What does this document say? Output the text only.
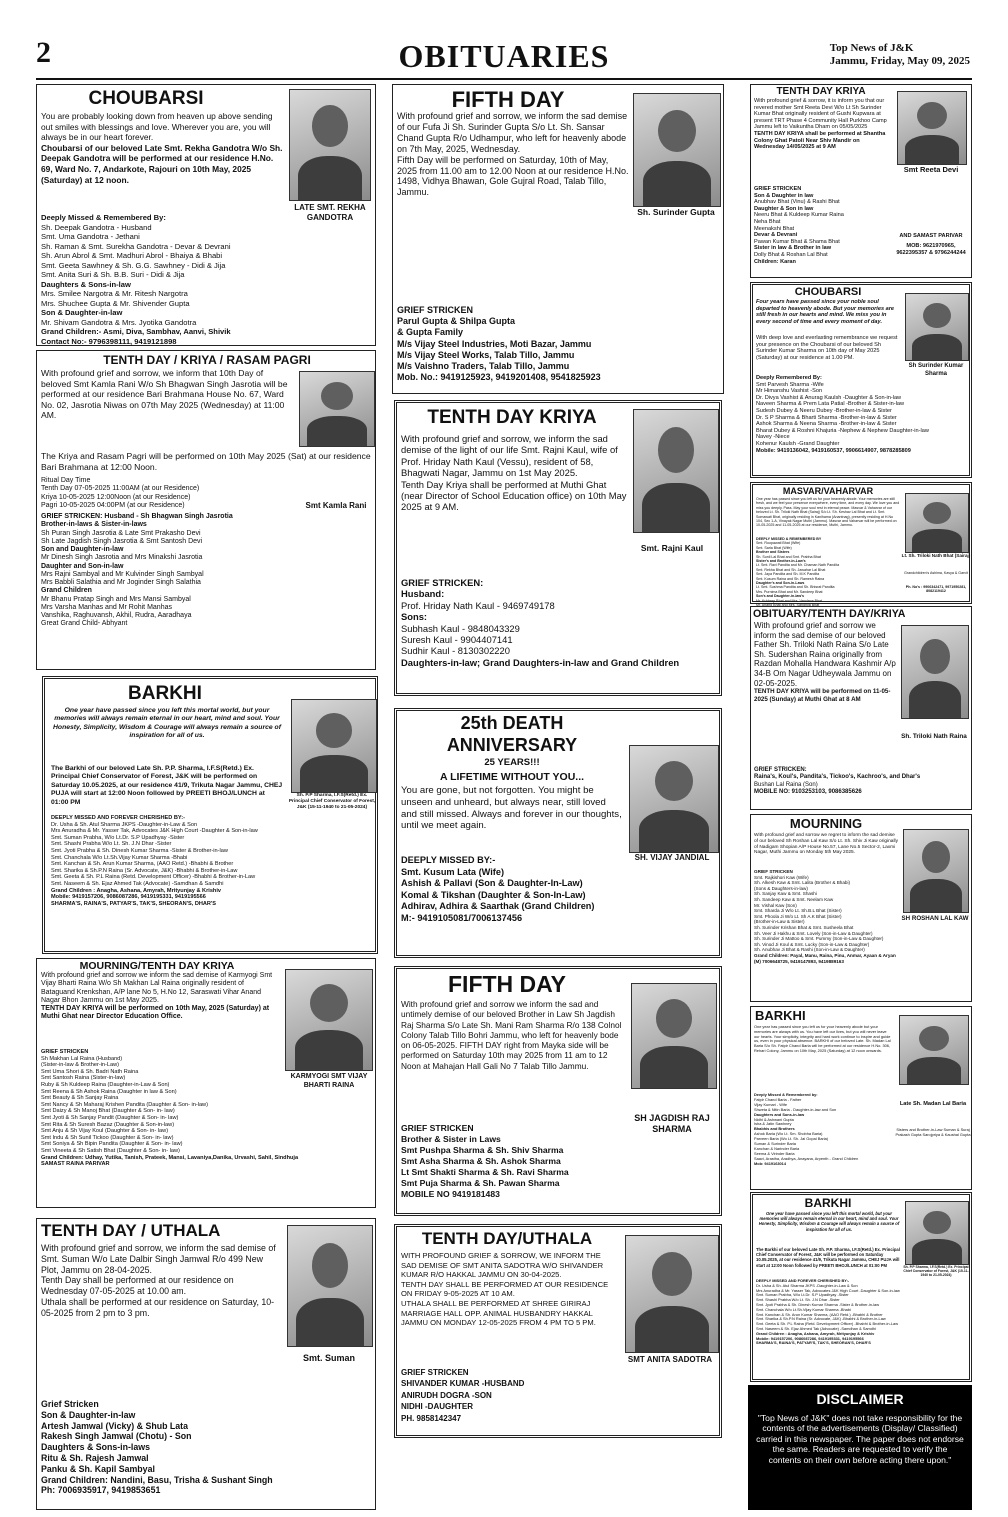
2	OBITUARIES	Top News of J&K
Jammu, Friday, May 09, 2025
CHOUBARSI

You are probably looking down from heaven up above sending out smiles with blessings and love. Wherever you are, you will always be in our heart forever.

Choubarsi of our beloved Late Smt. Rekha Gandotra W/o Sh. Deepak Gandotra will be performed at our residence H.No. 69, Ward No. 7, Andarkote, Rajouri on 10th May, 2025 (Saturday) at 12 noon.

Deeply Missed & Remembered By:
Sh. Deepak Gandotra - Husband
Smt. Uma Gandotra - Jethani
Sh. Raman & Smt. Surekha Gandotra - Devar & Devrani
Sh. Arun Abrol & Smt. Madhuri Abrol - Bhaiya & Bhabi
Smt. Geeta Sawhney & Sh. G.G. Sawhney - Didi & Jija
Smt. Anita Suri & Sh. B.B. Suri - Didi & Jija
Daughters & Sons-in-law
Mrs. Smilee Nargotra & Mr. Ritesh Nargotra
Mrs. Shuchee Gupta & Mr. Shivender Gupta
Son & Daughter-in-law
Mr. Shivam Gandotra & Mrs. Jyotika Gandotra
Grand Children:- Asmi, Diva, Sambhav, Aanvi, Shivik
Contact No:- 9796398111, 9419121898
LATE SMT. REKHA GANDOTRA
TENTH DAY / KRIYA / RASAM PAGRI

With profound grief and sorrow, we inform that 10th Day of beloved Smt Kamla Rani W/o Sh Bhagwan Singh Jasrotia will be performed at our residence Bari Brahmana House No. 67, Ward No. 02, Jasrotia Niwas on 07th May 2025 (Wednesday) at 11:00 AM.

The Kriya and Rasam Pagri will be performed on 10th May 2025 (Sat) at our residence Bari Brahmana at 12:00 Noon.

Ritual Day Time
Tenth Day 07-05-2025 11:00AM (at our Residence)
Kriya 10-05-2025 12:00Noon (at our Residence)
Pagri 10-05-2025 04:00PM (at our Residence)
GRIEF STRICKEN: Husband - Sh Bhagwan Singh Jasrotia
Brother-in-laws & Sister-in-laws
Sh Puran Singh Jasrotia & Late Smt Prakasho Devi
Sh Late Jagdish Singh Jasrotia & Smt Santosh Devi
Son and Daughter-in-law
Mr Dinesh Singh Jasrotia and Mrs Minakshi Jasrotia
Daughter and Son-in-law
Mrs Rajni Sambyal and Mr Kulvinder Singh Sambyal
Mrs Babbli Salathia and Mr Joginder Singh Salathia
Grand Children
Mr Bhanu Pratap Singh and Mrs Mansi Sambyal
Mrs Varsha Manhas and Mr Rohit Manhas
Vanshika, Raghuvansh, Akhil, Rudra, Aaradhaya
Great Grand Child- Abhyant
Smt Kamla Rani
BARKHI
One year have passed since you left this mortal world, but your memories will always remain eternal in our heart, mind and soul. Your Honesty, Simplicity, Wisdom & Courage will always remain a source of inspiration for all of us.
The Barkhi of our beloved Late Sh. P.P. Sharma, I.F.S(Retd.) Ex. Principal Chief Conservator of Forest, J&K will be performed on Saturday 10.05.2025, at our residence 41/9, Trikuta Nagar Jammu, CHEJ PUJA will start at 12:00 Noon followed by PREETI BHOJ/LUNCH at 01:00 PM
DEEPLY MISSED AND FOREVER CHERISHED BY:-
Dr. Usha & Sh. Atul Sharma JKPS -Daughter-in-Law & Son
Mrs Anuradha & Mr. Yasser Tak, Advocates J&K High Court -Daughter & Son-in-law
Smt. Suman Prabha, W/o Lt.Dr. S.P Upadhyay -Sister
Smt. Shashi Prabha W/o Lt. Sh. J.N Dhar -Sister
Smt. Jyoti Prabha & Sh. Dinesh Kumar Sharma -Sister & Brother-in-law
Smt. Chanchala W/o Lt.Sh.Vijay Kumar Sharma -Bhabi
Smt. Kanchan & Sh. Arun Kumar Sharma, (AAO Retd.) -Bhabhi & Brother
Smt. Sharika & Sh.P.N Raina (Sr. Advocate, J&K) -Bhabhi & Brother-in-Law
Smt. Geeta & Sh. P.L Raina (Retd. Development Officer) -Bhabhi & Brother-in-Law
Smt. Naseem & Sh. Ejaz Ahmed Tak (Advocate) -Samdhan & Samdhi
Grand Children : Anagha, Ashana, Amyrah, Mrityunjay & Krishiv
Mobile: 9419157206, 9086087286, 9419195331, 9419195566
SHARMA'S, RAINA'S, PATYAR'S, TAK'S, SHEORAN'S, DHAR'S
Sh. P.P Sharma, I.F.S(Retd.) Ex. Principal Chief Conservator of Forest, J&K (15-11-1940 to 21-05-2024)
MOURNING/TENTH DAY KRIYA

With profound grief and sorrow we inform the sad demise of Karmyogi Smt Vijay Bharti Raina W/o Sh Makhan Lal Raina originally resident of Bataguand Krenkshan, A/P lane No 5, H.No 12, Saraswati Vihar Anand Nagar Bhon Jammu on 1st May 2025.

TENTH DAY KRIYA will be performed on 10th May, 2025 (Saturday) at Muthi Ghat near Director Education Office.

GRIEF STRICKEN
Sh Makhan Lal Raina (Husband)
(Sister-in-law & Brother-in-Law)
Smt Uma Shori & Sh. Badri Nath Raina
Smt Santosh Raina (Sister-in-law)
Ruby & Sh Kuldeep Raina (Daughter-in-Law & Son)
Smt Reena & Sh Ashok Raina (Daughter in law & Son)
Smt Beauty & Sh Sanjay Raina
Smt Nancy & Sh Maharaj Krishen Pandita (Daughter & Son- in-law)
Smt Daizy & Sh Manoj Bhat (Daughter & Son- in- law)
Smt Jyoti & Sh Sanjay Pandit (Daughter & Son- in- law)
Smt Rita & Sh Suresh Bazaz (Daughter & Son-in-law)
Smt Anju & Sh Vijay Koul (Daughter & Son- in- law)
Smt Indu & Sh Sunil Tickoo (Daughter & Son- in- law)
Smt Soniya & Sh Bipin Pandita (Daughter & Son- in- law)
Smt Vineeta & Sh Satish Bhat (Daughter & Son- in- law)
Grand Children: Udhay, Yutika, Tanish, Prateek, Mansi, Lavaniya,Danika, Urvashi, Sahil, Sindhuja
SAMAST RAINA PARIVAR
KARMYOGI SMT VIJAY BHARTI RAINA
TENTH DAY / UTHALA

With profound grief and sorrow, we inform the sad demise of Smt. Suman W/o Late Dalbir Singh Jamwal R/o 499 New Plot, Jammu on 28-04-2025.

Tenth Day shall be performed at our residence on Wednesday 07-05-2025 at 10.00 am.

Uthala shall be performed at our residence on Saturday, 10-05-2025 from 2 pm to 3 pm.

Grief Stricken
Son & Daughter-in-law
Artesh Jamwal (Vicky) & Shub Lata
Rakesh Singh Jamwal (Chotu) - Son
Daughters & Sons-in-laws
Ritu & Sh. Rajesh Jamwal
Panku & Sh. Kapil Sambyal
Grand Children: Nandini, Basu, Trisha & Sushant Singh
Ph: 7006935917, 9419853651
Smt. Suman
FIFTH DAY

With profound grief and sorrow, we inform the sad demise of our Fufa Ji Sh. Surinder Gupta S/o Lt. Sh. Sansar Chand Gupta R/o Udhampur, who left for heavenly abode on 7th May, 2025, Wednesday.

Fifth Day will be performed on Saturday, 10th of May, 2025 from 11.00 am to 12.00 Noon at our residence H.No. 1498, Vidhya Bhawan, Gole Gujral Road, Talab Tillo, Jammu.

GRIEF STRICKEN
Parul Gupta & Shilpa Gupta
& Gupta Family
M/s Vijay Steel Industries, Moti Bazar, Jammu
M/s Vijay Steel Works, Talab Tillo, Jammu
M/s Vaishno Traders, Talab Tillo, Jammu
Mob. No.: 9419125923, 9419201408, 9541825923
Sh. Surinder Gupta
TENTH DAY KRIYA

With profound grief and sorrow, we inform the sad demise of the light of our life Smt. Rajni Kaul, wife of Prof. Hriday Nath Kaul (Vessu), resident of 58, Bhagwati Nagar, Jammu on 1st May 2025.

Tenth Day Kriya shall be performed at Muthi Ghat (near Director of School Education office) on 10th May 2025 at 9 AM.

GRIEF STRICKEN:
Husband:
Prof. Hriday Nath Kaul - 9469749178
Sons:
Subhash Kaul - 9848043329
Suresh Kaul - 9904407141
Sudhir Kaul - 8130302220
Daughters-in-law; Grand Daughters-in-law and Grand Children
Smt. Rajni Kaul
25th DEATH
ANNIVERSARY
25 YEARS!!!
A LIFETIME WITHOUT YOU...
You are gone, but not forgotten. You might be unseen and unheard, but always near, still loved and still missed. Always and forever in our thoughts, until we meet again.
DEEPLY MISSED BY:-
Smt. Kusum Lata (Wife)
Ashish & Pallavi (Son & Daughter-In-Law)
Komal & Tikshan (Daughter & Son-In-Law)
Adhirav, Adhira & Saarthak (Grand Children)
M:- 9419105081/7006137456
SH. VIJAY JANDIAL
FIFTH DAY
With profound grief and sorrow we inform the sad and untimely demise of our beloved Brother in Law Sh Jagdish Raj Sharma S/o Late Sh. Mani Ram Sharma R/o 138 Colnol Colony Talab Tillo Bohri Jammu, who left for heavenly bode on 06-05-2025. FIFTH DAY right from Mayka side will be performed on Saturday 10th may 2025 from 11 am to 12 Noon at Mahajan Hall Gali No 7 Talab Tillo Jammu.
GRIEF STRICKEN
Brother & Sister in Laws
Smt Pushpa Sharma & Sh. Shiv Sharma
Smt Asha Sharma & Sh. Ashok Sharma
Lt Smt Shakti Sharma & Sh. Ravi Sharma
Smt Puja Sharma & Sh. Pawan Sharma
MOBILE NO 9419181483
SH JAGDISH RAJ SHARMA
TENTH DAY/UTHALA

WITH PROFOUND GRIEF & SORROW, WE INFORM THE SAD DEMISE OF SMT ANITA SADOTRA W/O SHIVANDER KUMAR R/O HAKKAL JAMMU ON 30-04-2025.

TENTH DAY SHALL BE PERFORMED AT OUR RESIDENCE ON FRIDAY 9-05-2025 AT 10 AM.

UTHALA SHALL BE PERFORMED AT SHREE GIRIRAJ MARRIAGE HALL OPP. ANIMAL HUSBANDRY HAKKAL JAMMU ON MONDAY 12-05-2025 FROM 4 PM TO 5 PM.

GRIEF STRICKEN
SHIVANDER KUMAR -HUSBAND
ANIRUDH DOGRA -SON
NIDHI -DAUGHTER
PH. 9858142347
SMT ANITA SADOTRA
TENTH DAY KRIYA

With profound grief & sorrow, it is inform you that our revered mother Smt Reeta Devi W/o Lt Sh Surinder Kumar Bhat originally resident of Gushi Kupwara at present TRT Phase 4 Community Hall Purkhoo Camp Jammu left to Vaikuntha Dham on 05/05/2025

TENTH DAY KRIYA shall be performed at Shantha Colony Ghat Patoli Near Shiv Mandir on Wednesday 14/05/2025 at 9 AM

GRIEF STRICKEN
Son & Daughter in law
Anubhav Bhat (Vinu) & Rashi Bhat
Daughter & Son in law
Neeru Bhat & Kuldeep Kumar Raina
Neha Bhat
Meenakshi Bhat
Devar & Devrani
Pawan Kumar Bhat & Shama Bhat
Sister in law & Brother in law
Dolly Bhat & Roshan Lal Bhat
Children: Karan
Smt Reeta Devi
AND SAMAST PARIVAR
MOB: 9621970965, 9622395357 & 9796244244
CHOUBARSI
Four years have passed since your noble soul departed to heavenly abode. But your memories are still fresh in our hearts and mind. We miss you in every second of time and every moment of day.
With deep love and everlasting remembrance we request your presence on the Choubarsi of our beloved Sh Surinder Kumar Sharma on 10th day of May 2025 (Saturday) at our residence at 1.00 PM.
Deeply Remembered By:
Smt Parvesh Sharma -Wife
Mr Himanshu Vashist -Son
Dr. Divya Vashist & Anurag Kaulsh -Daughter & Son-in-law
Naveen Sharma & Prem Lata Patial -Brother & Sister-in-law
Sudesh Dubey & Neeru Dubey -Brother-in-law & Sister
Dr. S P Sharma & Bharti Sharma -Brother-in-law & Sister
Ashok Sharma & Neena Sharma -Brother-in-law & Sister
Bharat Dubey & Roshni Khajuria -Nephew & Nephew Daughter-in-law
Navey -Niece
Kohenur Kaulsh -Grand Daughter
Mobile: 9419136042, 9419160537, 9906614907, 9878285809
Sh Surinder Kumar Sharma
MASVAR/VAHARVAR
One year has passed since you left us for your heavenly abode. Your memories are still fresh, and we feel your presence everywhere, every time, and every day. We love you and miss you deeply. Pass. May your soul rest in eternal peace. Masvar & Vaharvar of our beloved Lt. Sh. Triloki Nath Bhat (Sairaj) S/o Lt. Sh. Keshav Lal Bhat and Lt. Smt. Somawati Bhat, originally residing in Kanihama (Anantnag), presently residing at H.No 104, Sec 1-A, Vinayak Nagar Muthi (Jammu). Masvar and Vaharvar will be performed on 10-05-2025 and 11-05-2025 at our residence, Muthi, Jammu.
DEEPLY MISSED & REMEMBERED BY
Smt. Roopawati Bhat (Wife)
Smt. Sarla Bhat (Wife)
Brother and Sisters
Sh. Sunil Lal Bhat and Smt. Prabha Bhat
Sister's and Brother-in-Law's
Lt. Smt. Ravi Pandita and Mr. Chaman Nath Pandita
Smt. Rekha Bhat and Sh. Jawahar Lal Bhat
Smt. Jaya Pandita and Sh. M.K Pandita
Smt. Kusum Raina and Sh. Ramesh Raina
Daughter's and Son-in-Laws
Lt. Smt. Sushma Pandita and Sh. Bhisrat Pandita
Mrs. Purnima Bhat and Mr. Sandeep Bhat
Son's and Daughter-in-law's
Mr. Kuldeep Bhat and Mrs. Vandana Bhat
Lt. Sh. Triloki Nath Bhat (Sairaj)
Grandchildren's Ashima, Kavya & Garvit
Ph. No's : 9906342471, 9971950281, 8082119412
OBITUARY/TENTH DAY/KRIYA

With profound grief and sorrow we inform the sad demise of our beloved Father Sh. Triloki Nath Raina S/o Late Sh. Sudershan Raina originally from Razdan Mohalla Handwara Kashmir A/p 34-B Om Nagar Udheywala Jammu on 02-05-2025.

TENTH DAY KRIYA will be performed on 11-05-2025 (Sunday) at Muthi Ghat at 8 AM

GRIEF STRICKEN:
Raina's, Koul's, Pandita's, Tickoo's, Kachroo's, and Dhar's
Bushan Lal Raina (Son)
MOBILE NO: 9103253103, 9086385626
Sh. Triloki Nath Raina
MOURNING
With profound grief and sorrow we regret to inform the sad demise of our beloved Sh Roshan Lal Kaw S/o Lt. Sh. Shiv Ji Kaw originally of Nadigam Shopian A/P House No.57, Lane No.5 Sector-2, Laxmi Nagar, Muthi Jammu on Monday 5th May 2025.
GRIEF STRICKEN
Smt. Rajkishori Kaw (Wife)
Sh. Alkesh Kaw & Smt. Lalita (Brother & Bhabi)
(Sons & Daughters-in-law)
Sh. Sanjay Kaw & Smt. Shashi
Sh. Sandeep Kaw & Smt. Neelam Kaw
Mr. Vishal Kaw (Son)
Smt. Sharda Ji W/o Lt. Sh.B.L Bhat (Sister)
Smt. Phoola Ji W/o Lt. Sh A.K Bhat (Sister)
(Brother-in-Law & Sister)
Sh. Surinder Krishan Bhat & Smt. Susheela Bhat
Sh. Veer Ji Hakhu & Smt. Lovely (Son-in-Law & Daughter)
Sh. Surinder Ji Mattoo & Smt. Pummy (Son-in-Law & Daughter)
Sh. Vinod Ji Koul & Smt. Lucky (Son-in-Law & Daughter)
Sh. Anubhav Ji Bhat & Rashi (Son-in-Law & Daughter)
Grand Children: Payal, Manu, Raina, Pinu, Anmar, Ayaan & Aryan
(M) 7006648725, 9419147893, 9419889163
SH ROSHAN LAL KAW
BARKHI
One year has passed since you left us for your heavenly abode but your memories are always with us. You have left our lives, but you will never leave our hearts. Your simplicity, integrity and hard work continue to inspire and guide us, even in your physical absence. BARKHI of our beloved Late. Sh. Madan Lal Baria S/o Sh. Fatpir Chand Baria will be performed at our residence H.No. 306, Rehari Colony, Jammu on 10th May, 2025 (Saturday) at 12 noon onwards.
Deeply Missed & Remembered by:
Fatpir Chand Baria - Father
Vijay Kumari - Wife
Shweta & Nitin Baria - Daughter-in-law and Son
Daughters and Sons-in-law
Nidhi & Ashwani Gupta
Isha & Jatin Sawhney
Bhabhis and Brothers
Ashok Baria (Wo Lt. Sm. Shobha Baria)
Parveen Baria (Wo Lt. Sh. Jai Gopal Baria)
Suman & Surinder Baria
Kanchan & Narinder Baria
Seema & Virinder Baria
Saavi, Arastha, Aradhya, Anayana, Arpenth - Grand Children
Mob: 9419163014
Late Sh. Madan Lal Baria
Sisters and Brother-in-Law Suman & Suraj Prakash Gupta Sarojpriya & Kaushal Gupta
BARKHI
One year have passed since you left this mortal world, but your memories will always remain eternal in our heart, mind and soul. Your Honesty, Simplicity, Wisdom & Courage will always remain a source of inspiration for all of us.
The Barkhi of our beloved Late Sh. P.P. Sharma, I.F.S(Retd.) Ex. Principal Chief Conservator of Forest, J&K will be performed on Saturday 10.05.2025, at our residence 41/9, Trikuta Nagar Jammu, CHEJ PUJA will start at 12:00 Noon followed by PREETI BHOJ/LUNCH at 01:00 PM
DEEPLY MISSED AND FOREVER CHERISHED BY:-
Dr. Usha & Sh. Atul Sharma JKPS -Daughter-in-Law & Son
Mrs Anuradha & Mr. Yasser Tak, Advocates J&K High Court -Daughter & Son-in-law
Smt. Suman Prabha, W/o Lt.Dr. S.P Upadhyay -Sister
Smt. Shashi Prabha W/o Lt. Sh. J.N Dhar -Sister
Smt. Jyoti Prabha & Sh. Dinesh Kumar Sharma -Sister & Brother-in-law
Smt. Chanchala W/o Lt.Sh.Vijay Kumar Sharma -Bhabi
Smt. Kanchan & Sh. Arun Kumar Sharma, (AAO Retd.) -Bhabhi & Brother
Smt. Sharika & Sh.P.N Raina (Sr. Advocate, J&K) -Bhabhi & Brother-in-Law
Smt. Geeta & Sh. P.L Raina (Retd. Development Officer) -Bhabhi & Brother-in-Law
Smt. Naseem & Sh. Ejaz Ahmed Tak (Advocate) -Samdhan & Samdhi
Grand Children : Anagha, Ashana, Amyrah, Mrityunjay & Krishiv
Mobile: 9419157206, 9086087286, 9419195331, 9419195566
SHARMA'S, RAINA'S, PATYAR'S, TAK'S, SHEORAN'S, DHAR'S
Sh. P.P Sharma, I.F.S(Retd.) Ex. Principal Chief Conservator of Forest, J&K (15-11-1940 to 21-05-2024)
DISCLAIMER
"Top News of J&K" does not take responsibility for the contents of the advertisements (Display/ Classified) carried in this newspaper. The paper does not endorse the same. Readers are requested to verify the contents on their own before acting there upon."
